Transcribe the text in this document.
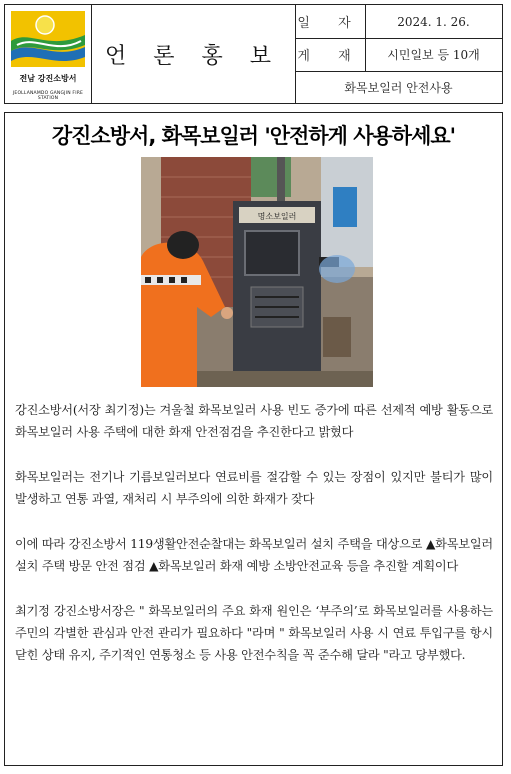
전남 강진소방서
JEOLLANAMDO GANGJIN FIRE STATION
언 론 홍 보
일 자	2024. 1. 26.
게 재	시민일보 등 10개
화목보일러 안전사용
강진소방서, 화목보일러 '안전하게 사용하세요'
명소보일러

강진소방서(서장 최기정)는 겨울철 화목보일러 사용 빈도 증가에 따른 선제적 예방 활동으로 화목보일러 사용 주택에 대한 화재 안전점검을 추진한다고 밝혔다

화목보일러는 전기나 기름보일러보다 연료비를 절감할 수 있는 장점이 있지만 불티가 많이 발생하고 연통 과열, 재처리 시 부주의에 의한 화재가 잦다

이에 따라 강진소방서 119생활안전순찰대는 화목보일러 설치 주택을 대상으로 ▲화목보일러 설치 주택 방문 안전 점검 ▲화목보일러 화재 예방 소방안전교육 등을 추진할 계획이다

최기정 강진소방서장은 " 화목보일러의 주요 화재 원인은 ‘부주의’로 화목보일러를 사용하는 주민의 각별한 관심과 안전 관리가 필요하다 "라며 " 화목보일러 사용 시 연료 투입구를 항시 닫힌 상태 유지, 주기적인 연통청소 등 사용 안전수칙을 꼭 준수해 달라 "라고 당부했다.
